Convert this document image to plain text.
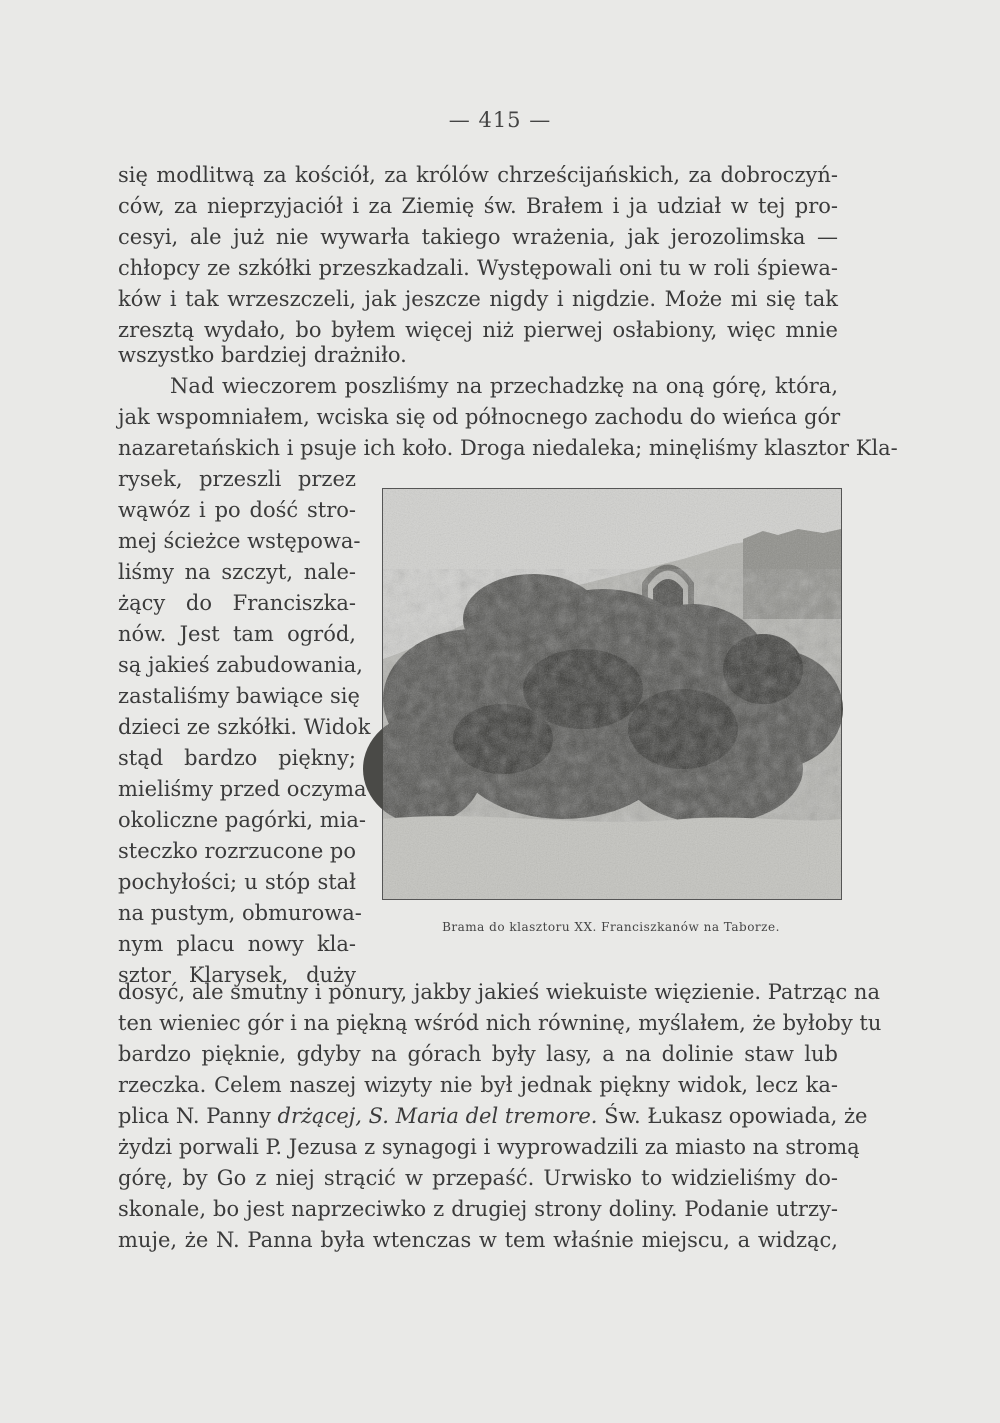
— 415 —
się modlitwą za kościół, za królów chrześcijańskich, za dobroczyń-
ców, za nieprzyjaciół i za Ziemię św. Brałem i ja udział w tej pro-
cesyi, ale już nie wywarła takiego wrażenia, jak jerozolimska —
chłopcy ze szkółki przeszkadzali. Występowali oni tu w roli śpiewa-
ków i tak wrzeszczeli, jak jeszcze nigdy i nigdzie. Może mi się tak
zresztą wydało, bo byłem więcej niż pierwej osłabiony, więc mnie
wszystko bardziej drażniło.
Nad wieczorem poszliśmy na przechadzkę na oną górę, która,
jak wspomniałem, wciska się od północnego zachodu do wieńca gór
nazaretańskich i psuje ich koło. Droga niedaleka; minęliśmy klasztor Kla-
rysek, przeszli przez
wąwóz i po dość stro-
mej ścieżce wstępowa-
liśmy na szczyt, nale-
żący do Franciszka-
nów. Jest tam ogród,
są jakieś zabudowania,
zastaliśmy bawiące się
dzieci ze szkółki. Widok
stąd bardzo piękny;
mieliśmy przed oczyma
okoliczne pagórki, mia-
steczko rozrzucone po
pochyłości; u stóp stał
na pustym, obmurowa-
nym placu nowy kla-
sztor Klarysek, duży
Brama do klasztoru XX. Franciszkanów na Taborze.
dosyć, ale smutny i ponury, jakby jakieś wiekuiste więzienie. Patrząc na
ten wieniec gór i na piękną wśród nich równinę, myślałem, że byłoby tu
bardzo pięknie, gdyby na górach były lasy, a na dolinie staw lub
rzeczka. Celem naszej wizyty nie był jednak piękny widok, lecz ka-
plica N. Panny drżącej, S. Maria del tremore. Św. Łukasz opowiada, że
żydzi porwali P. Jezusa z synagogi i wyprowadzili za miasto na stromą
górę, by Go z niej strącić w przepaść. Urwisko to widzieliśmy do-
skonale, bo jest naprzeciwko z drugiej strony doliny. Podanie utrzy-
muje, że N. Panna była wtenczas w tem właśnie miejscu, a widząc,
